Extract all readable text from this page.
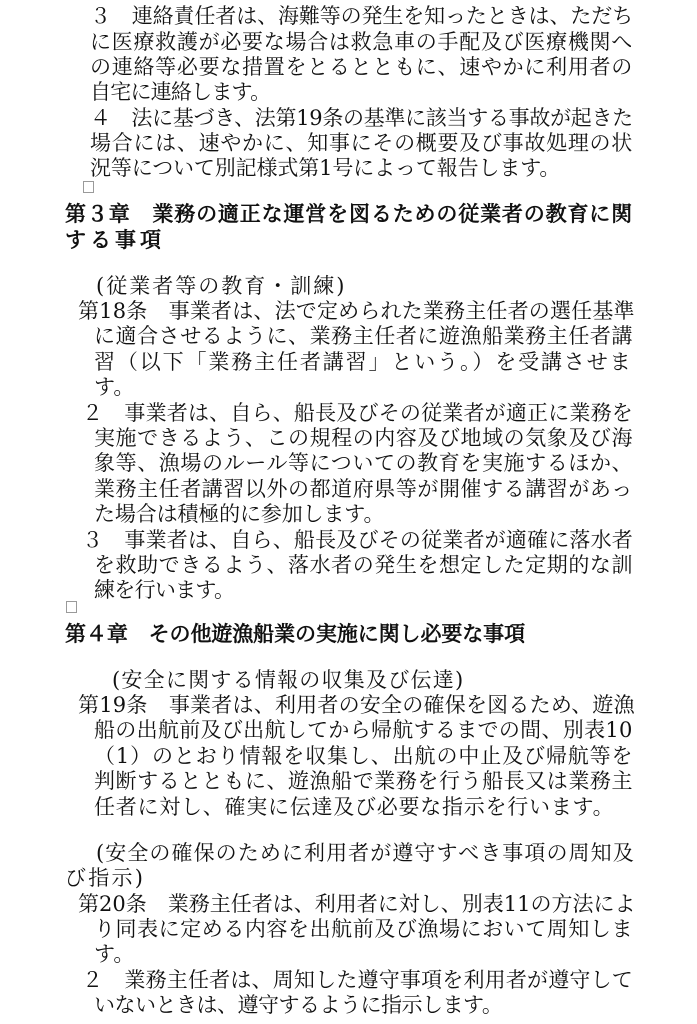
３　連絡責任者は、海難等の発生を知ったときは、ただち
に医療救護が必要な場合は救急車の手配及び医療機関へ
の連絡等必要な措置をとるとともに、速やかに利用者の
自宅に連絡します。
４　法に基づき、法第19条の基準に該当する事故が起きた
場合には、速やかに、知事にその概要及び事故処理の状
況等について別記様式第1号によって報告します。
第３章　業務の適正な運営を図るための従業者の教育に関
する事項
(従業者等の教育・訓練)
第18条　事業者は、法で定められた業務主任者の選任基準
に適合させるように、業務主任者に遊漁船業務主任者講
習（以下「業務主任者講習」という。）を受講させま
す。
２　事業者は、自ら、船長及びその従業者が適正に業務を
実施できるよう、この規程の内容及び地域の気象及び海
象等、漁場のルール等についての教育を実施するほか、
業務主任者講習以外の都道府県等が開催する講習があっ
た場合は積極的に参加します。
３　事業者は、自ら、船長及びその従業者が適確に落水者
を救助できるよう、落水者の発生を想定した定期的な訓
練を行います。
第４章　その他遊漁船業の実施に関し必要な事項
(安全に関する情報の収集及び伝達)
第19条　事業者は、利用者の安全の確保を図るため、遊漁
船の出航前及び出航してから帰航するまでの間、別表10
（1）のとおり情報を収集し、出航の中止及び帰航等を
判断するとともに、遊漁船で業務を行う船長又は業務主
任者に対し、確実に伝達及び必要な指示を行います。
(安全の確保のために利用者が遵守すべき事項の周知及
び指示)
第20条　業務主任者は、利用者に対し、別表11の方法によ
り同表に定める内容を出航前及び漁場において周知しま
す。
２　業務主任者は、周知した遵守事項を利用者が遵守して
いないときは、遵守するように指示します。
